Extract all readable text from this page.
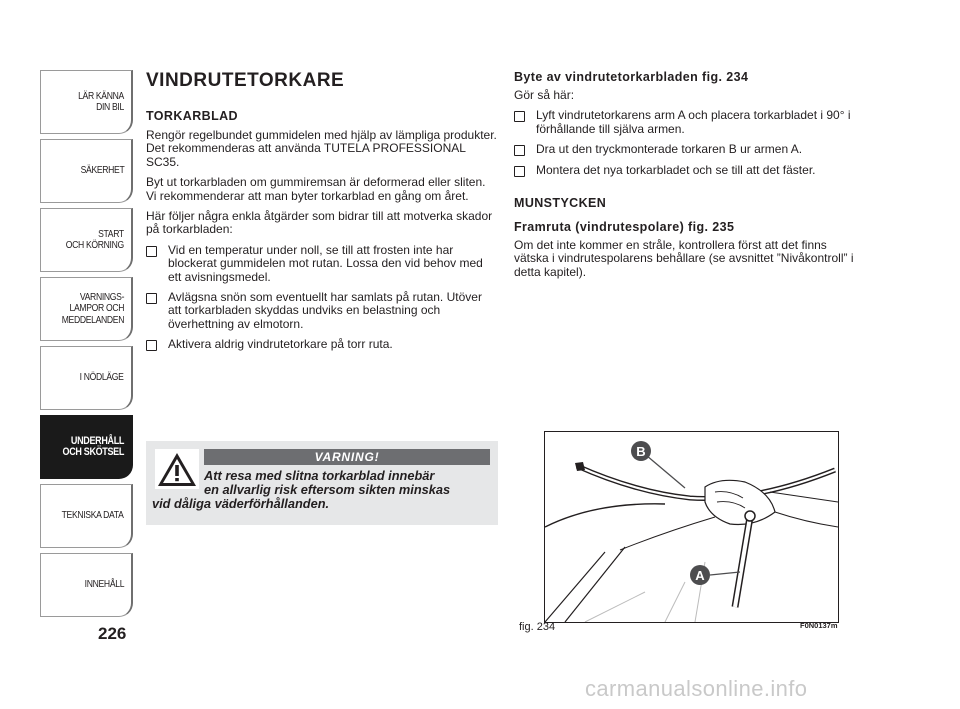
LÄR KÄNNA
DIN BIL
SÄKERHET
START
OCH KÖRNING
VARNINGS-
LAMPOR OCH
MEDDELANDEN
I NÖDLÄGE
UNDERHÅLL
OCH SKÖTSEL
TEKNISKA DATA
INNEHÅLL
226
VINDRUTETORKARE
TORKARBLAD

Rengör regelbundet gummidelen med hjälp av lämpliga produkter. Det rekommenderas att använda TUTELA PROFESSIONAL SC35.

Byt ut torkarbladen om gummiremsan är deformerad eller sliten. Vi rekommenderar att man byter torkarblad en gång om året.

Här följer några enkla åtgärder som bidrar till att motverka skador på torkarbladen:

Vid en temperatur under noll, se till att frosten inte har blockerat gummidelen mot rutan. Lossa den vid behov med ett avisningsmedel.
Avlägsna snön som eventuellt har samlats på rutan. Utöver att torkarbladen skyddas undviks en belastning och överhettning av elmotorn.
Aktivera aldrig vindrutetorkare på torr ruta.
VARNING!
Att resa med slitna torkarblad innebär
en allvarlig risk eftersom sikten minskas
vid dåliga väderförhållanden.
Byte av vindrutetorkarbladen fig. 234

Gör så här:

Lyft vindrutetorkarens arm A och placera torkarbladet i 90° i förhållande till själva armen.
Dra ut den tryckmonterade torkaren B ur armen A.
Montera det nya torkarbladet och se till att det fäster.
MUNSTYCKEN
Framruta (vindrutespolare) fig. 235

Om det inte kommer en stråle, kontrollera först att det finns vätska i vindrutespolarens behållare (se avsnittet ”Nivåkontroll” i detta kapitel).

B
A
fig. 234	F0N0137m
carmanualsonline.info
